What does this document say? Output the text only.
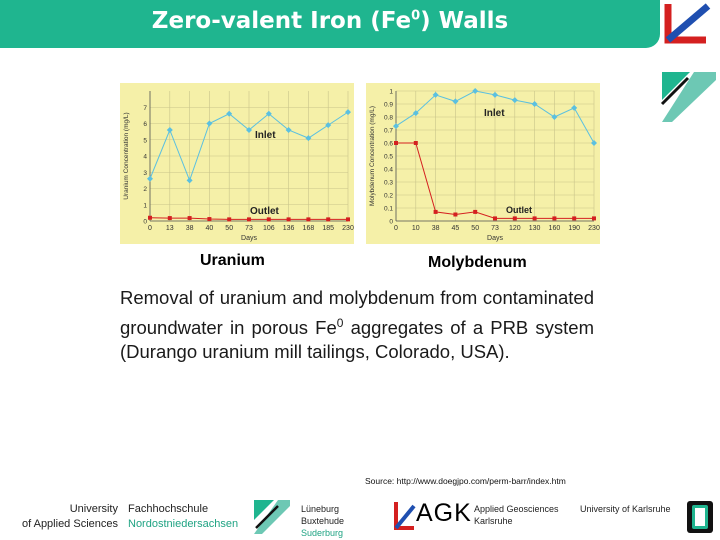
Zero-valent Iron (Fe$^0$) Walls
0
1
2
3
4
5
6
7
0 13 38 40 50 73 106 136 168 185 230
Days
Uranium Concentration (mg/L)	Inlet
Outlet
0
0.1
0.2
0.3
0.4
0.5
0.6
0.7
0.8
0.9
1
0 10 38 45 50 73 120 130 160 190 230
Days
Molybdenum Concentration (mg/L)	Inlet
Outlet
Uranium	Molybdenum
Removal of uranium and molybdenum from contaminated groundwater in porous Fe$^0$ aggregates of a PRB system (Durango uranium mill tailings, Colorado, USA).
Source: http://www.doegjpo.com/perm-barr/index.htm
University
of Applied Sciences
Fachhochschule
Nordostniedersachsen
Lüneburg
Buxtehude
Suderburg
AGK Applied Geosciences
Karlsruhe
University of Karlsruhe
